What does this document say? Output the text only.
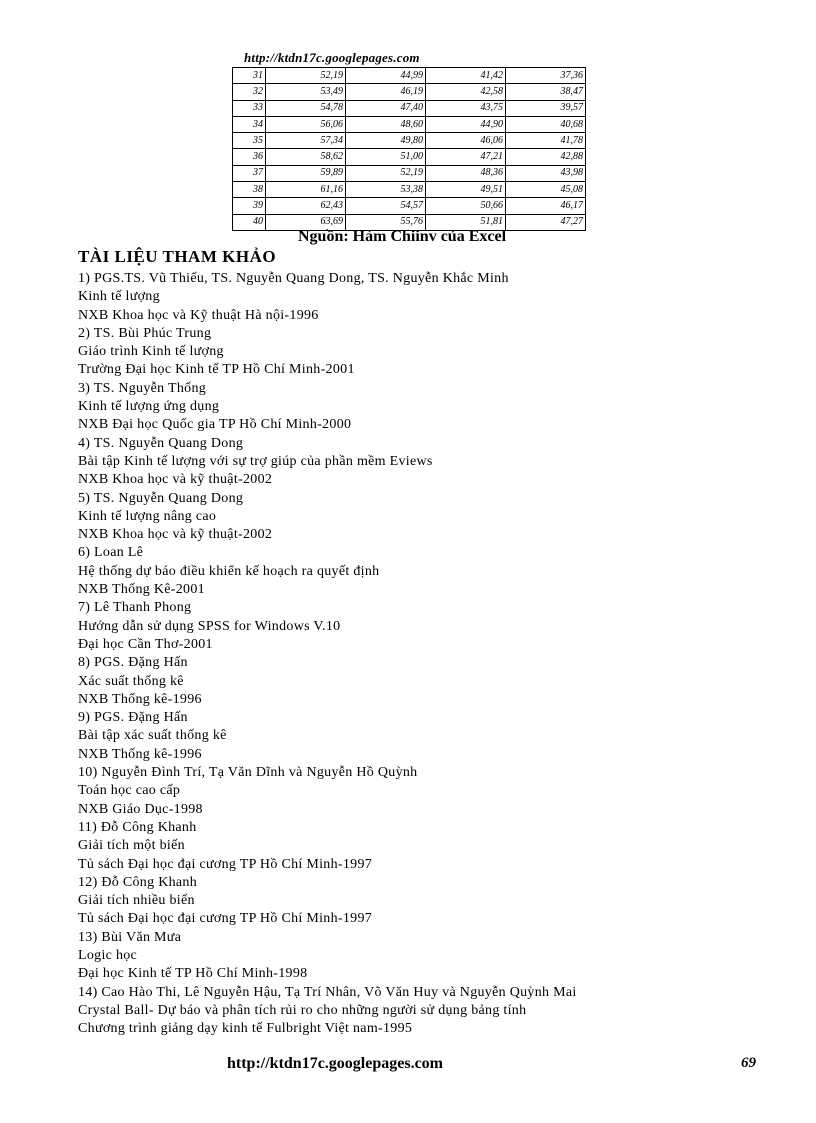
http://ktdn17c.googlepages.com
31	52,19	44,99	41,42	37,36
32	53,49	46,19	42,58	38,47
33	54,78	47,40	43,75	39,57
34	56,06	48,60	44,90	40,68
35	57,34	49,80	46,06	41,78
36	58,62	51,00	47,21	42,88
37	59,89	52,19	48,36	43,98
38	61,16	53,38	49,51	45,08
39	62,43	54,57	50,66	46,17
40	63,69	55,76	51,81	47,27
Nguồn: Hàm Chiinv của Excel
TÀI LIỆU THAM KHẢO
1) PGS.TS. Vũ Thiếu, TS. Nguyễn Quang Dong, TS. Nguyễn Khắc Minh
Kinh tế lượng
NXB Khoa học và Kỹ thuật Hà nội-1996
2) TS. Bùi Phúc Trung
Giáo trình Kinh tế lượng
Trường Đại học Kinh tế TP Hồ Chí Minh-2001
3) TS. Nguyễn Thống
Kinh tế lượng ứng dụng
NXB Đại học Quốc gia TP Hồ Chí Minh-2000
4) TS. Nguyễn Quang Dong
Bài tập Kinh tế lượng với sự trợ giúp của phần mềm Eviews
NXB Khoa học và kỹ thuật-2002
5) TS. Nguyễn Quang Dong
Kinh tế lượng nâng cao
NXB Khoa học và kỹ thuật-2002
6) Loan Lê
Hệ thống dự báo điều khiển kế hoạch ra quyết định
NXB Thống Kê-2001
7) Lê Thanh Phong
Hướng dẫn sử dụng SPSS for Windows V.10
Đại học Cần Thơ-2001
8) PGS. Đặng Hấn
Xác suất thống kê
NXB Thống kê-1996
9) PGS. Đặng Hấn
Bài tập xác suất thống kê
NXB Thống kê-1996
10) Nguyễn Đình Trí, Tạ Văn Dĩnh và Nguyễn Hồ Quỳnh
Toán học cao cấp
NXB Giáo Dục-1998
11) Đỗ Công Khanh
Giải tích một biến
Tủ sách Đại học đại cương TP Hồ Chí Minh-1997
12) Đỗ Công Khanh
Giải tích nhiều biến
Tủ sách Đại học đại cương TP Hồ Chí Minh-1997
13) Bùi Văn Mưa
Logic học
Đại học Kinh tế TP Hồ Chí Minh-1998
14) Cao Hào Thi, Lê Nguyễn Hậu, Tạ Trí Nhân, Võ Văn Huy và Nguyễn Quỳnh Mai
Crystal Ball- Dự báo và phân tích rủi ro cho những người sử dụng bảng tính
Chương trình giảng dạy kinh tế Fulbright Việt nam-1995
http://ktdn17c.googlepages.com	69
